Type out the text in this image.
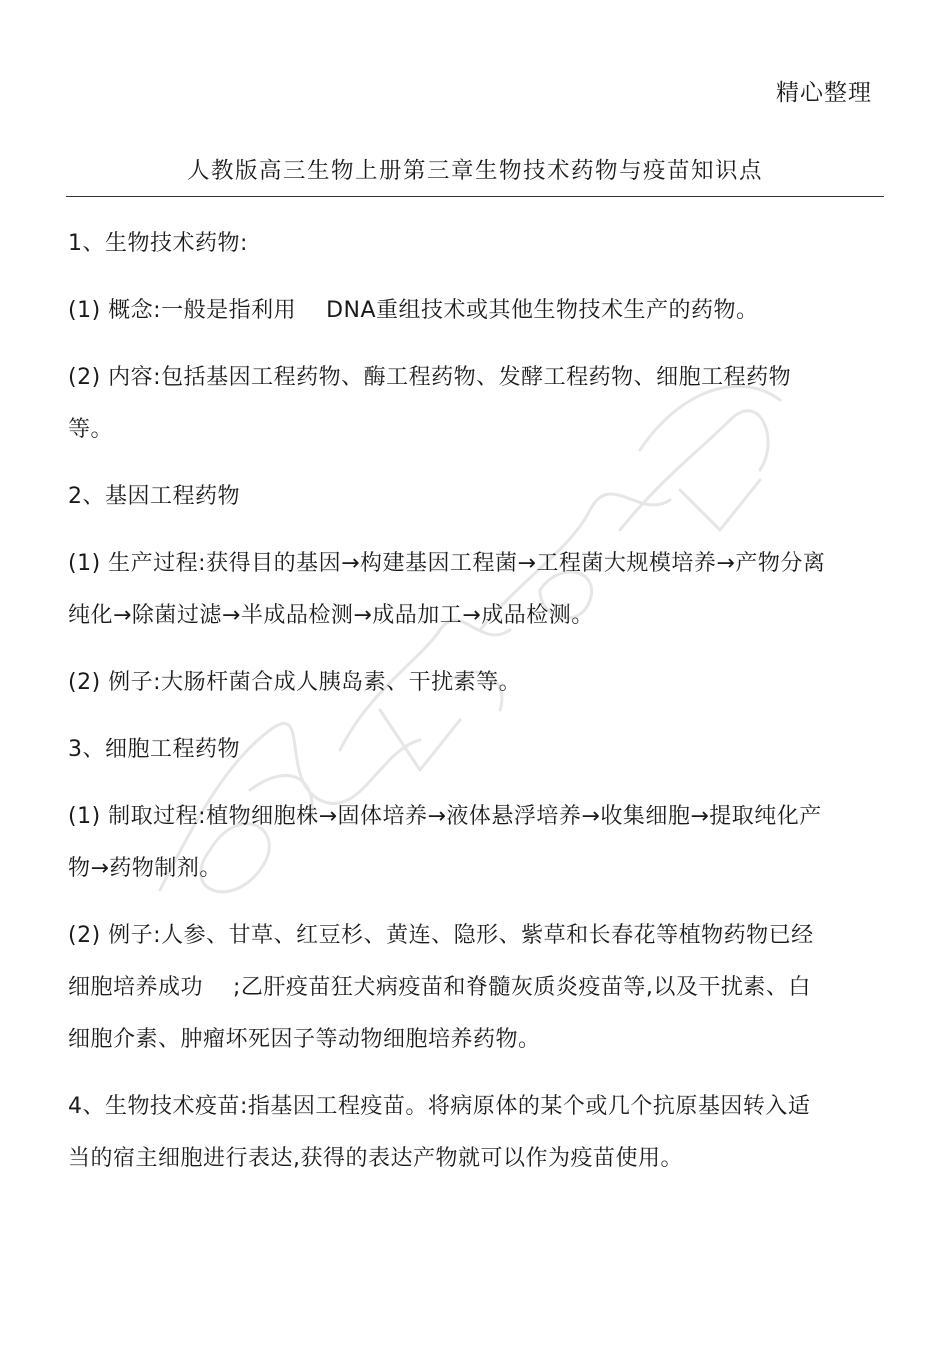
精心整理
人教版高三生物上册第三章生物技术药物与疫苗知识点

1、生物技术药物:

(1) 概念:一般是指利用 DNA重组技术或其他生物技术生产的药物。

(2) 内容:包括基因工程药物、酶工程药物、发酵工程药物、细胞工程药物等。

2、基因工程药物

(1) 生产过程:获得目的基因→构建基因工程菌→工程菌大规模培养→产物分离纯化→除菌过滤→半成品检测→成品加工→成品检测。

(2) 例子:大肠杆菌合成人胰岛素、干扰素等。

3、细胞工程药物

(1) 制取过程:植物细胞株→固体培养→液体悬浮培养→收集细胞→提取纯化产物→药物制剂。

(2) 例子:人参、甘草、红豆杉、黄连、隐形、紫草和长春花等植物药物已经细胞培养成功 ;乙肝疫苗狂犬病疫苗和脊髓灰质炎疫苗等,以及干扰素、白细胞介素、肿瘤坏死因子等动物细胞培养药物。

4、生物技术疫苗:指基因工程疫苗。将病原体的某个或几个抗原基因转入适当的宿主细胞进行表达,获得的表达产物就可以作为疫苗使用。
